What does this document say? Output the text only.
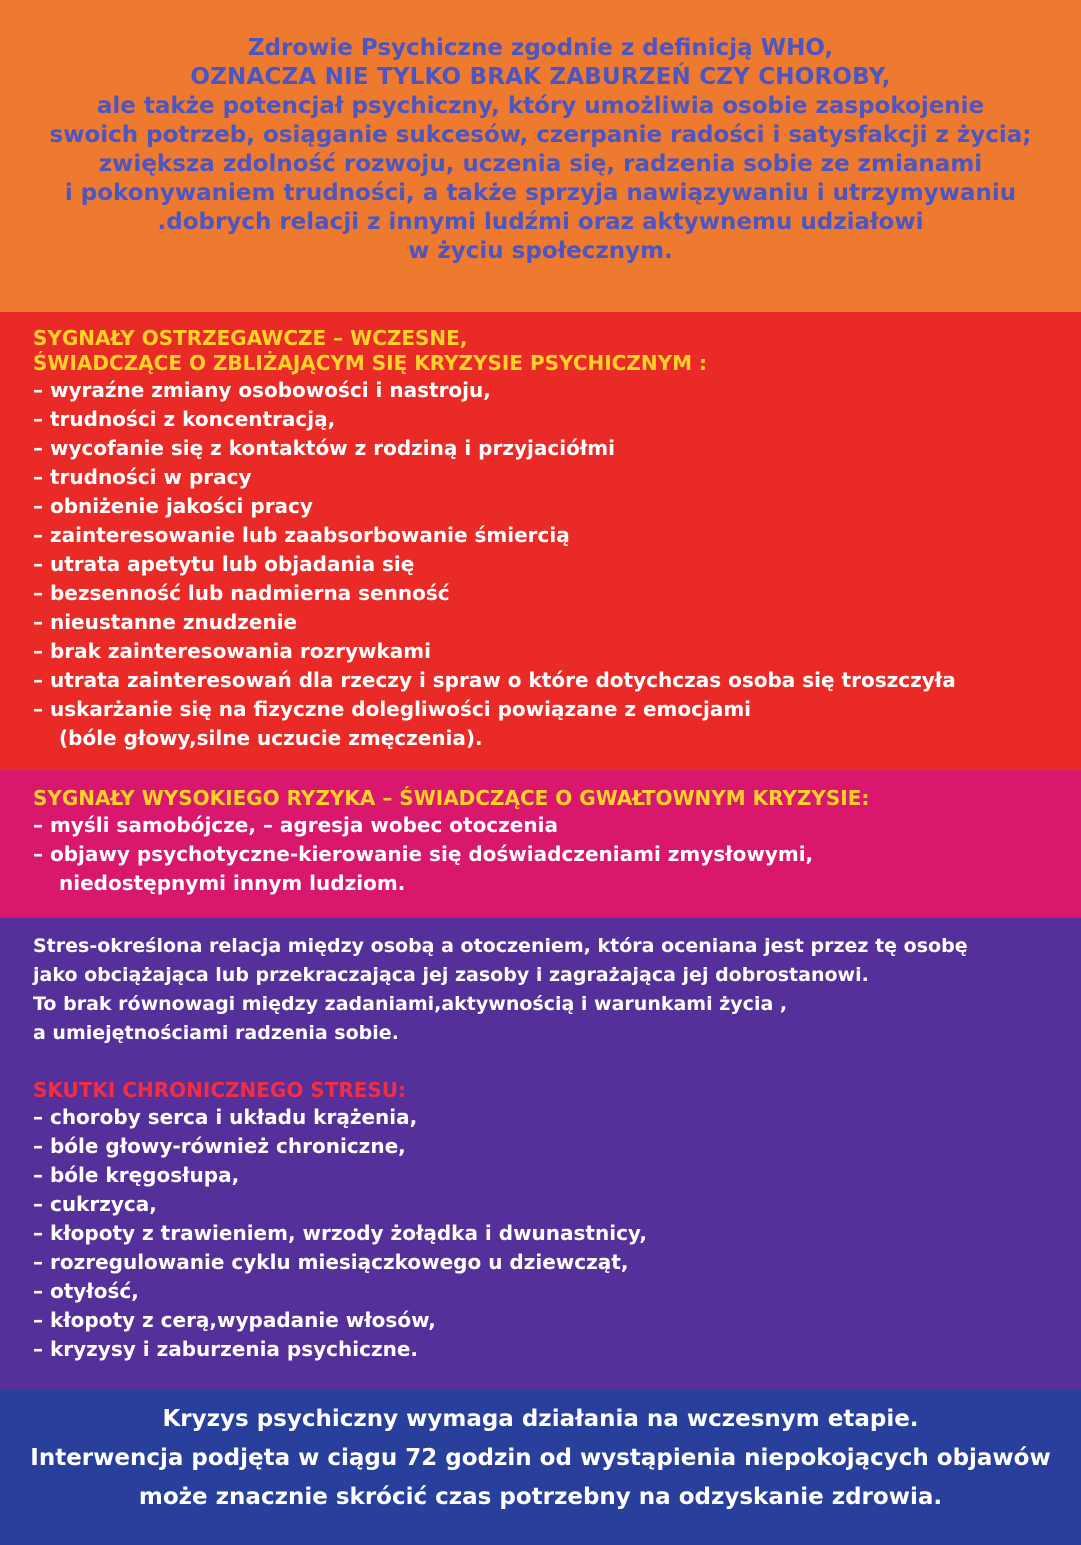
Zdrowie Psychiczne zgodnie z definicją WHO,
OZNACZA NIE TYLKO BRAK ZABURZEŃ CZY CHOROBY,
ale także potencjał psychiczny, który umożliwia osobie zaspokojenie
swoich potrzeb, osiąganie sukcesów, czerpanie radości i satysfakcji z życia;
zwiększa zdolność rozwoju, uczenia się, radzenia sobie ze zmianami
i pokonywaniem trudności, a także sprzyja nawiązywaniu i utrzymywaniu
.dobrych relacji z innymi ludźmi oraz aktywnemu udziałowi
w życiu społecznym.
SYGNAŁY OSTRZEGAWCZE – WCZESNE,
ŚWIADCZĄCE O ZBLIŻAJĄCYM SIĘ KRYZYSIE PSYCHICZNYM :
– wyraźne zmiany osobowości i nastroju,
– trudności z koncentracją,
– wycofanie się z kontaktów z rodziną i przyjaciółmi
– trudności w pracy
– obniżenie jakości pracy
– zainteresowanie lub zaabsorbowanie śmiercią
– utrata apetytu lub objadania się
– bezsenność lub nadmierna senność
– nieustanne znudzenie
– brak zainteresowania rozrywkami
– utrata zainteresowań dla rzeczy i spraw o które dotychczas osoba się troszczyła
– uskarżanie się na fizyczne dolegliwości powiązane z emocjami
(bóle głowy,silne uczucie zmęczenia).
SYGNAŁY WYSOKIEGO RYZYKA – ŚWIADCZĄCE O GWAŁTOWNYM KRYZYSIE:
– myśli samobójcze, – agresja wobec otoczenia
– objawy psychotyczne-kierowanie się doświadczeniami zmysłowymi,
niedostępnymi innym ludziom.
Stres-określona relacja między osobą a otoczeniem, która oceniana jest przez tę osobę
jako obciążająca lub przekraczająca jej zasoby i zagrażająca jej dobrostanowi.
To brak równowagi między zadaniami,aktywnością i warunkami życia ,
a umiejętnościami radzenia sobie.
SKUTKI CHRONICZNEGO STRESU:
– choroby serca i układu krążenia,
– bóle głowy-również chroniczne,
– bóle kręgosłupa,
– cukrzyca,
– kłopoty z trawieniem, wrzody żołądka i dwunastnicy,
– rozregulowanie cyklu miesiączkowego u dziewcząt,
– otyłość,
– kłopoty z cerą,wypadanie włosów,
– kryzysy i zaburzenia psychiczne.
Kryzys psychiczny wymaga działania na wczesnym etapie.
Interwencja podjęta w ciągu 72 godzin od wystąpienia niepokojących objawów
może znacznie skrócić czas potrzebny na odzyskanie zdrowia.
